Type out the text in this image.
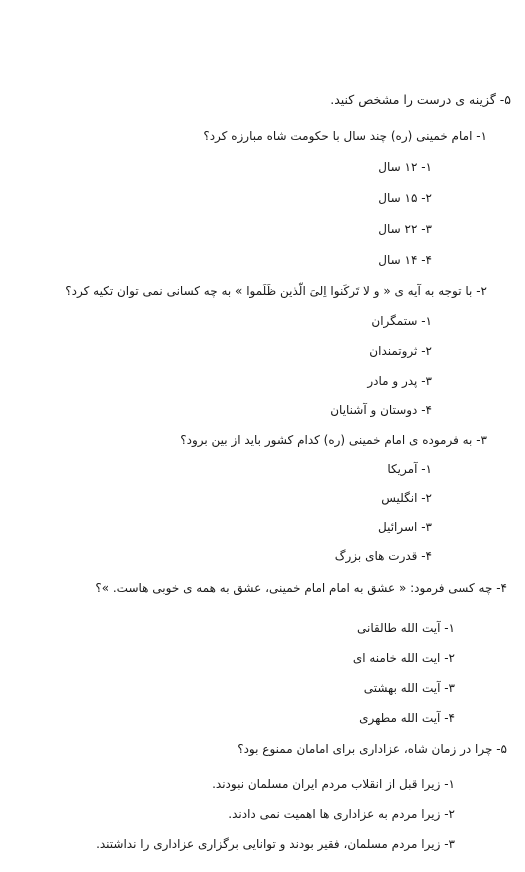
۵- گزینه ی درست را مشخص کنید.
۱- امام خمینی (ره) چند سال با حکومت شاه مبارزه کرد؟
۱- ۱۲ سال
۲- ۱۵ سال
۳- ۲۲ سال
۴- ۱۴ سال
۲- با توجه به آیه ی « و لا تَرکَنوا اِلیَ الّذین ظَلَموا » به چه کسانی نمی توان تکیه کرد؟
۱- ستمگران
۲- ثروتمندان
۳- پدر و مادر
۴- دوستان و آشنایان
۳- به فرموده ی امام خمینی (ره) کدام کشور باید از بین برود؟
۱- آمریکا
۲- انگلیس
۳- اسرائیل
۴- قدرت های بزرگ
۴- چه کسی فرمود: « عشق به امام امام خمینی، عشق به همه ی خوبی هاست. »؟
۱- آیت الله طالقانی
۲- ایت الله خامنه ای
۳- آیت الله بهشتی
۴- آیت الله مطهری
۵- چرا در زمان شاه، عزاداری برای امامان ممنوع بود؟
۱- زیرا قبل از انقلاب مردم ایران مسلمان نبودند.
۲- زیرا مردم به عزاداری ها اهمیت نمی دادند.
۳- زیرا مردم مسلمان، فقیر بودند و توانایی برگزاری عزاداری را نداشتند.
